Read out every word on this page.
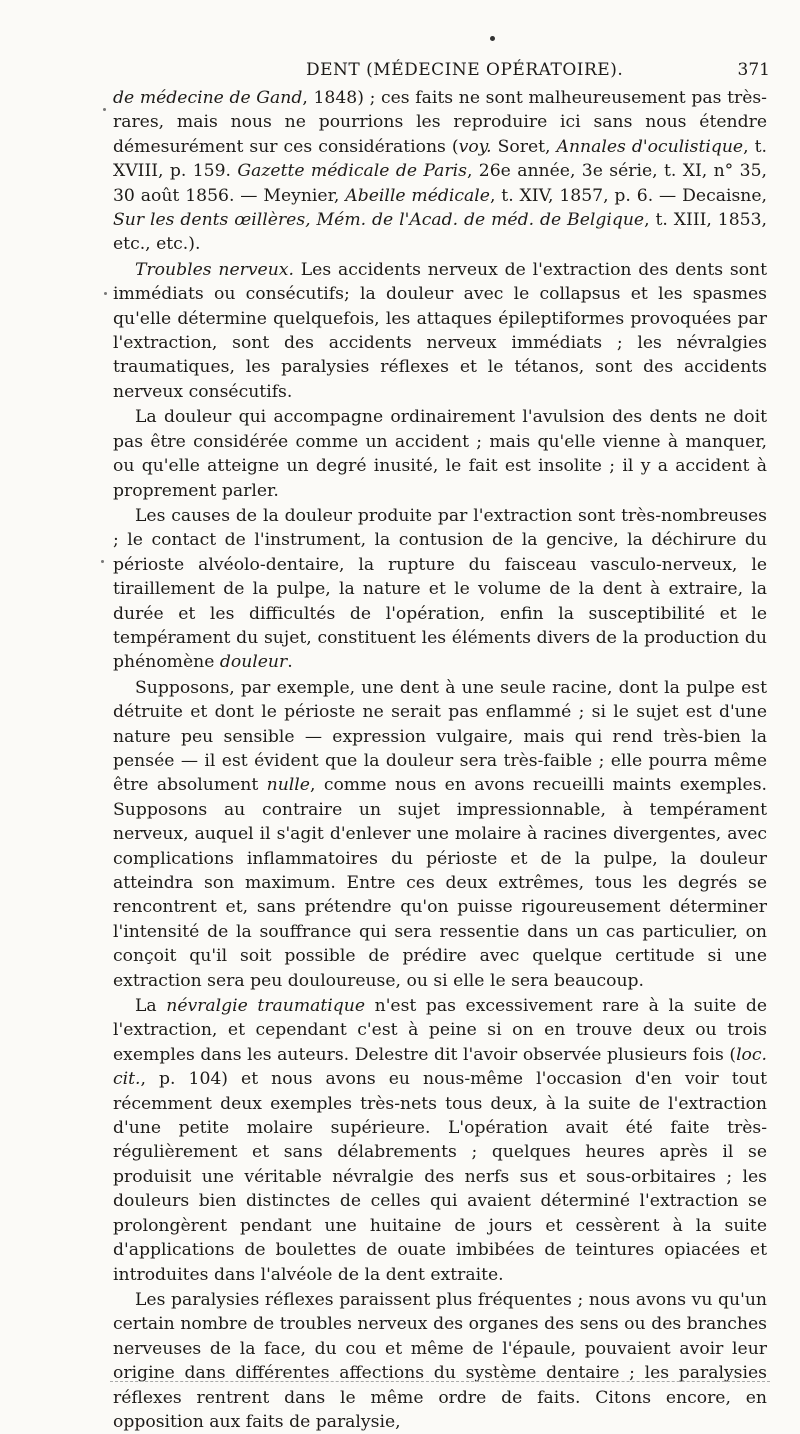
DENT (MÉDECINE OPÉRATOIRE).	371

de médecine de Gand, 1848) ; ces faits ne sont malheureusement pas très-rares, mais nous ne pourrions les reproduire ici sans nous étendre démesurément sur ces considérations (voy. Soret, Annales d'oculistique, t. XVIII, p. 159. Gazette médicale de Paris, 26e année, 3e série, t. XI, n° 35, 30 août 1856. — Meynier, Abeille médicale, t. XIV, 1857, p. 6. — Decaisne, Sur les dents œillères, Mém. de l'Acad. de méd. de Belgique, t. XIII, 1853, etc., etc.).

Troubles nerveux. Les accidents nerveux de l'extraction des dents sont immédiats ou consécutifs; la douleur avec le collapsus et les spasmes qu'elle détermine quelquefois, les attaques épileptiformes provoquées par l'extraction, sont des accidents nerveux immédiats ; les névralgies traumatiques, les paralysies réflexes et le tétanos, sont des accidents nerveux consécutifs.

La douleur qui accompagne ordinairement l'avulsion des dents ne doit pas être considérée comme un accident ; mais qu'elle vienne à manquer, ou qu'elle atteigne un degré inusité, le fait est insolite ; il y a accident à proprement parler.

Les causes de la douleur produite par l'extraction sont très-nombreuses ; le contact de l'instrument, la contusion de la gencive, la déchirure du périoste alvéolo-dentaire, la rupture du faisceau vasculo-nerveux, le tiraillement de la pulpe, la nature et le volume de la dent à extraire, la durée et les difficultés de l'opération, enfin la susceptibilité et le tempérament du sujet, constituent les éléments divers de la production du phénomène douleur.

Supposons, par exemple, une dent à une seule racine, dont la pulpe est détruite et dont le périoste ne serait pas enflammé ; si le sujet est d'une nature peu sensible — expression vulgaire, mais qui rend très-bien la pensée — il est évident que la douleur sera très-faible ; elle pourra même être absolument nulle, comme nous en avons recueilli maints exemples. Supposons au contraire un sujet impressionnable, à tempérament nerveux, auquel il s'agit d'enlever une molaire à racines divergentes, avec complications inflammatoires du périoste et de la pulpe, la douleur atteindra son maximum. Entre ces deux extrêmes, tous les degrés se rencontrent et, sans prétendre qu'on puisse rigoureusement déterminer l'intensité de la souffrance qui sera ressentie dans un cas particulier, on conçoit qu'il soit possible de prédire avec quelque certitude si une extraction sera peu douloureuse, ou si elle le sera beaucoup.

La névralgie traumatique n'est pas excessivement rare à la suite de l'extraction, et cependant c'est à peine si on en trouve deux ou trois exemples dans les auteurs. Delestre dit l'avoir observée plusieurs fois (loc. cit., p. 104) et nous avons eu nous-même l'occasion d'en voir tout récemment deux exemples très-nets tous deux, à la suite de l'extraction d'une petite molaire supérieure. L'opération avait été faite très-régulièrement et sans délabrements ; quelques heures après il se produisit une véritable névralgie des nerfs sus et sous-orbitaires ; les douleurs bien distinctes de celles qui avaient déterminé l'extraction se prolongèrent pendant une huitaine de jours et cessèrent à la suite d'applications de boulettes de ouate imbibées de teintures opiacées et introduites dans l'alvéole de la dent extraite.

Les paralysies réflexes paraissent plus fréquentes ; nous avons vu qu'un certain nombre de troubles nerveux des organes des sens ou des branches nerveuses de la face, du cou et même de l'épaule, pouvaient avoir leur origine dans différentes affections du système dentaire ; les paralysies réflexes rentrent dans le même ordre de faits. Citons encore, en opposition aux faits de paralysie,
